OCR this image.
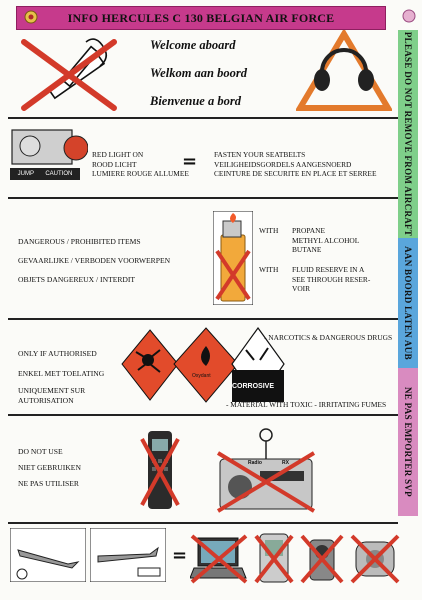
INFO HERCULES C 130 BELGIAN AIR FORCE
PLEASE DO NOT REMOVE FROM AIRCRAFT
AAN BOORD LATEN AUB
NE PAS EMPORTER SVP
Welcome aboard
Welkom aan boord
Bienvenue a bord
JUMP CAUTION
RED LIGHT ON
ROOD LICHT
LUMIERE ROUGE ALLUMEE
= FASTEN YOUR SEATBELTS
VEILIGHEIDSGORDELS AANGESNOERD
CEINTURE DE SECURITE EN PLACE ET SERREE
DANGEROUS / PROHIBITED ITEMS
GEVAARLIJKE / VERBODEN VOORWERPEN
OBJETS DANGEREUX / INTERDIT
WITH PROPANE
METHYL ALCOHOL
BUTANE
WITH FLUID RESERVE IN A
SEE THROUGH RESER-
VOIR
ONLY IF AUTHORISED
ENKEL MET TOELATING
UNIQUEMENT SUR
AUTORISATION
Oxydant
CORROSIVE
- NARCOTICS & DANGEROUS DRUGS
- MATERIAL WITH TOXIC - IRRITATING FUMES
DO NOT USE
NIET GEBRUIKEN
NE PAS UTILISER
Radio	RX
=
